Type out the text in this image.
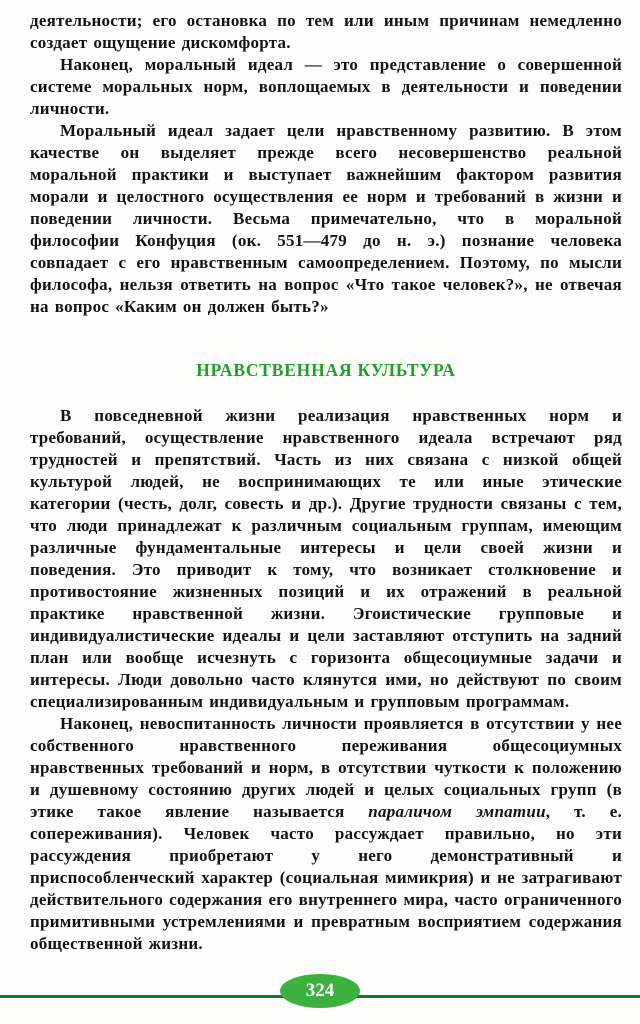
деятельности; его остановка по тем или иным причинам немедленно создает ощущение дискомфорта.

Наконец, моральный идеал — это представление о совершенной системе моральных норм, воплощаемых в деятельности и поведении личности.

Моральный идеал задает цели нравственному развитию. В этом качестве он выделяет прежде всего несовершенство реальной моральной практики и выступает важнейшим фактором развития морали и целостного осуществления ее норм и требований в жизни и поведении личности. Весьма примечательно, что в моральной философии Конфуция (ок. 551—479 до н. э.) познание человека совпадает с его нравственным самоопределением. Поэтому, по мысли философа, нельзя ответить на вопрос «Что такое человек?», не отвечая на вопрос «Каким он должен быть?»

НРАВСТВЕННАЯ КУЛЬТУРА

В повседневной жизни реализация нравственных норм и требований, осуществление нравственного идеала встречают ряд трудностей и препятствий. Часть из них связана с низкой общей культурой людей, не воспринимающих те или иные этические категории (честь, долг, совесть и др.). Другие трудности связаны с тем, что люди принадлежат к различным социальным группам, имеющим различные фундаментальные интересы и цели своей жизни и поведения. Это приводит к тому, что возникает столкновение и противостояние жизненных позиций и их отражений в реальной практике нравственной жизни. Эгоистические групповые и индивидуалистические идеалы и цели заставляют отступить на задний план или вообще исчезнуть с горизонта общесоциумные задачи и интересы. Люди довольно часто клянутся ими, но действуют по своим специализированным индивидуальным и групповым программам.

Наконец, невоспитанность личности проявляется в отсутствии у нее собственного нравственного переживания общесоциумных нравственных требований и норм, в отсутствии чуткости к положению и душевному состоянию других людей и целых социальных групп (в этике такое явление называется параличом эмпатии, т. е. сопереживания). Человек часто рассуждает правильно, но эти рассуждения приобретают у него демонстративный и приспособленческий характер (социальная мимикрия) и не затрагивают действительного содержания его внутреннего мира, часто ограниченного примитивными устремлениями и превратным восприятием содержания общественной жизни.

324
